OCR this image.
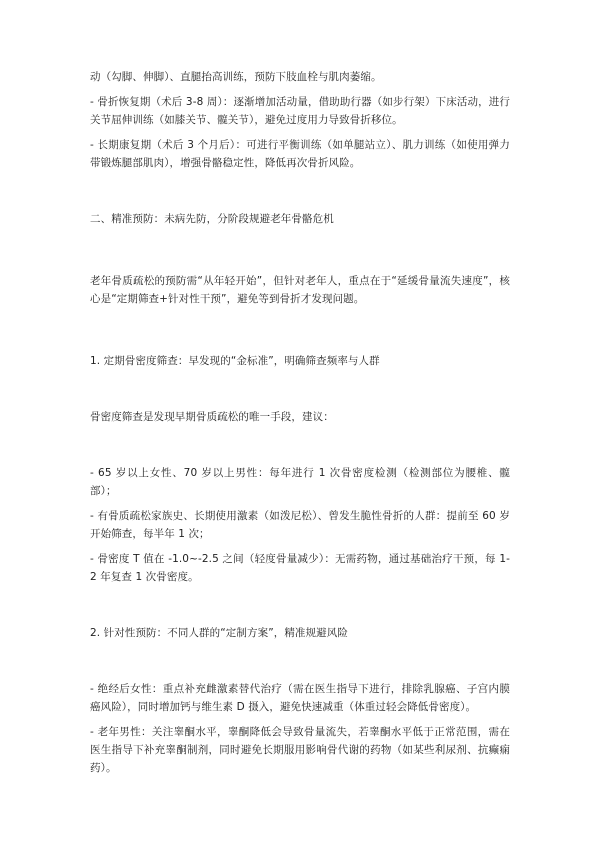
动（勾脚、伸脚）、直腿抬高训练，预防下肢血栓与肌肉萎缩。

- 骨折恢复期（术后 3-8 周）：逐渐增加活动量，借助助行器（如步行架）下床活动，进行关节屈伸训练（如膝关节、髋关节），避免过度用力导致骨折移位。

- 长期康复期（术后 3 个月后）：可进行平衡训练（如单腿站立）、肌力训练（如使用弹力带锻炼腿部肌肉），增强骨骼稳定性，降低再次骨折风险。

二、精准预防：未病先防，分阶段规避老年骨骼危机

老年骨质疏松的预防需“从年轻开始”，但针对老年人，重点在于“延缓骨量流失速度”，核心是“定期筛查+针对性干预”，避免等到骨折才发现问题。

1. 定期骨密度筛查：早发现的“金标准”，明确筛查频率与人群

骨密度筛查是发现早期骨质疏松的唯一手段，建议：

- 65 岁以上女性、70 岁以上男性：每年进行 1 次骨密度检测（检测部位为腰椎、髋部）；

- 有骨质疏松家族史、长期使用激素（如泼尼松）、曾发生脆性骨折的人群：提前至 60 岁开始筛查，每半年 1 次；

- 骨密度 T 值在 -1.0~-2.5 之间（轻度骨量减少）：无需药物，通过基础治疗干预，每 1-2 年复查 1 次骨密度。

2. 针对性预防：不同人群的“定制方案”，精准规避风险

- 绝经后女性：重点补充雌激素替代治疗（需在医生指导下进行，排除乳腺癌、子宫内膜癌风险），同时增加钙与维生素 D 摄入，避免快速减重（体重过轻会降低骨密度）。

- 老年男性：关注睾酮水平，睾酮降低会导致骨量流失，若睾酮水平低于正常范围，需在医生指导下补充睾酮制剂，同时避免长期服用影响骨代谢的药物（如某些利尿剂、抗癫痫药）。
